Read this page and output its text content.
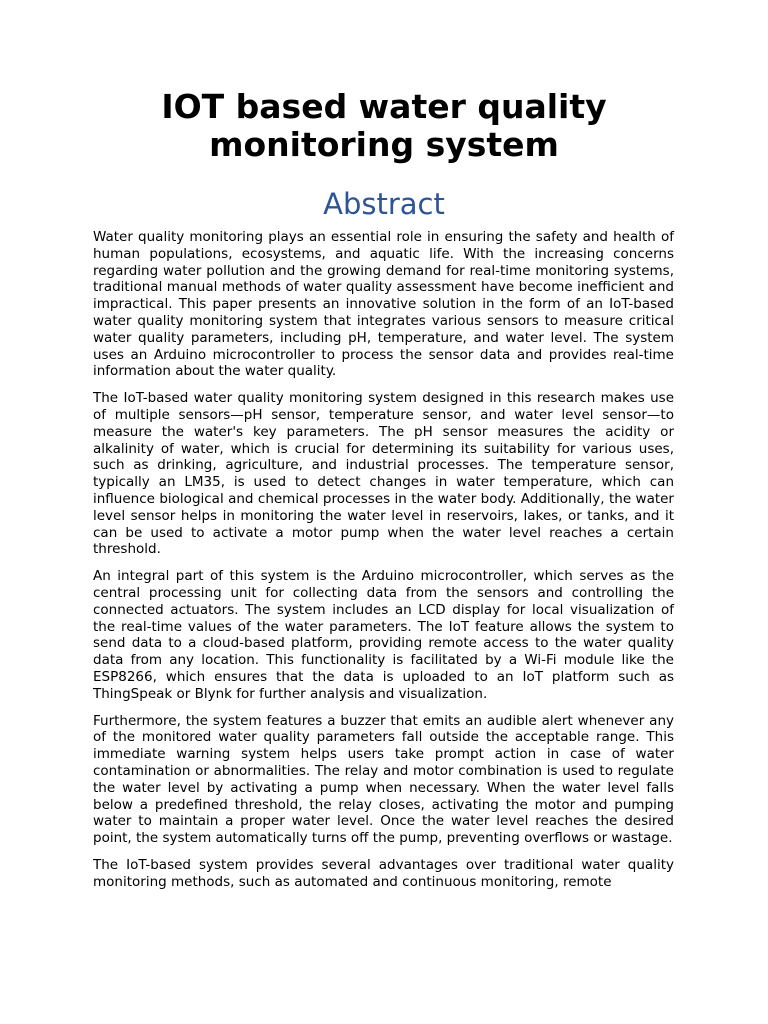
IOT based water quality monitoring system
Abstract

Water quality monitoring plays an essential role in ensuring the safety and health of human populations, ecosystems, and aquatic life. With the increasing concerns regarding water pollution and the growing demand for real-time monitoring systems, traditional manual methods of water quality assessment have become inefficient and impractical. This paper presents an innovative solution in the form of an IoT-based water quality monitoring system that integrates various sensors to measure critical water quality parameters, including pH, temperature, and water level. The system uses an Arduino microcontroller to process the sensor data and provides real-time information about the water quality.

The IoT-based water quality monitoring system designed in this research makes use of multiple sensors—pH sensor, temperature sensor, and water level sensor—to measure the water's key parameters. The pH sensor measures the acidity or alkalinity of water, which is crucial for determining its suitability for various uses, such as drinking, agriculture, and industrial processes. The temperature sensor, typically an LM35, is used to detect changes in water temperature, which can influence biological and chemical processes in the water body. Additionally, the water level sensor helps in monitoring the water level in reservoirs, lakes, or tanks, and it can be used to activate a motor pump when the water level reaches a certain threshold.

An integral part of this system is the Arduino microcontroller, which serves as the central processing unit for collecting data from the sensors and controlling the connected actuators. The system includes an LCD display for local visualization of the real-time values of the water parameters. The IoT feature allows the system to send data to a cloud-based platform, providing remote access to the water quality data from any location. This functionality is facilitated by a Wi-Fi module like the ESP8266, which ensures that the data is uploaded to an IoT platform such as ThingSpeak or Blynk for further analysis and visualization.

Furthermore, the system features a buzzer that emits an audible alert whenever any of the monitored water quality parameters fall outside the acceptable range. This immediate warning system helps users take prompt action in case of water contamination or abnormalities. The relay and motor combination is used to regulate the water level by activating a pump when necessary. When the water level falls below a predefined threshold, the relay closes, activating the motor and pumping water to maintain a proper water level. Once the water level reaches the desired point, the system automatically turns off the pump, preventing overflows or wastage.

The IoT-based system provides several advantages over traditional water quality monitoring methods, such as automated and continuous monitoring, remote
